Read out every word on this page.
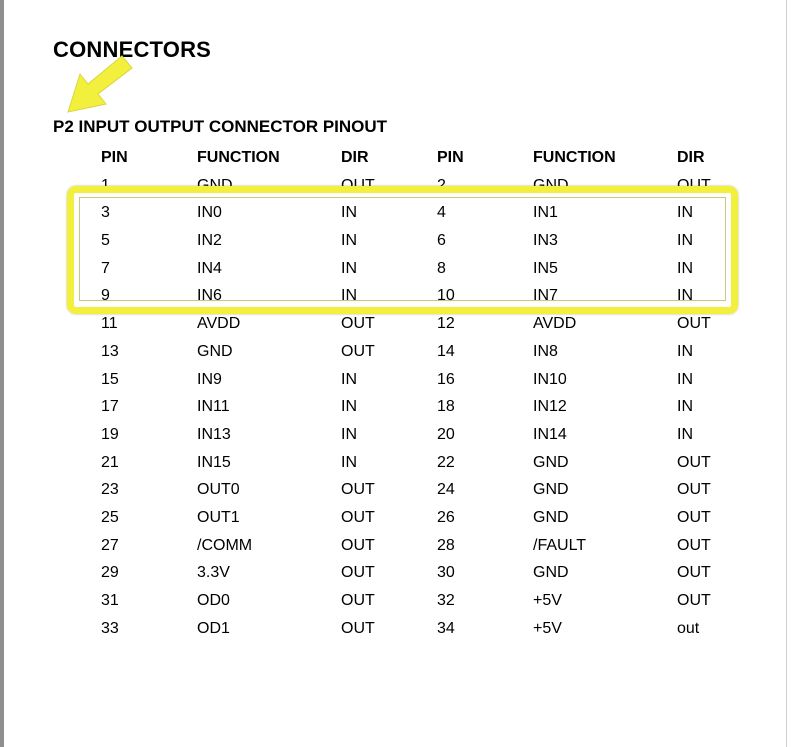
CONNECTORS
P2 INPUT OUTPUT CONNECTOR PINOUT
PIN	FUNCTION	DIR	PIN	FUNCTION	DIR
1	GND	OUT	2	GND	OUT
3	IN0	IN	4	IN1	IN
5	IN2	IN	6	IN3	IN
7	IN4	IN	8	IN5	IN
9	IN6	IN	10	IN7	IN
11	AVDD	OUT	12	AVDD	OUT
13	GND	OUT	14	IN8	IN
15	IN9	IN	16	IN10	IN
17	IN11	IN	18	IN12	IN
19	IN13	IN	20	IN14	IN
21	IN15	IN	22	GND	OUT
23	OUT0	OUT	24	GND	OUT
25	OUT1	OUT	26	GND	OUT
27	/COMM	OUT	28	/FAULT	OUT
29	3.3V	OUT	30	GND	OUT
31	OD0	OUT	32	+5V	OUT
33	OD1	OUT	34	+5V	out
